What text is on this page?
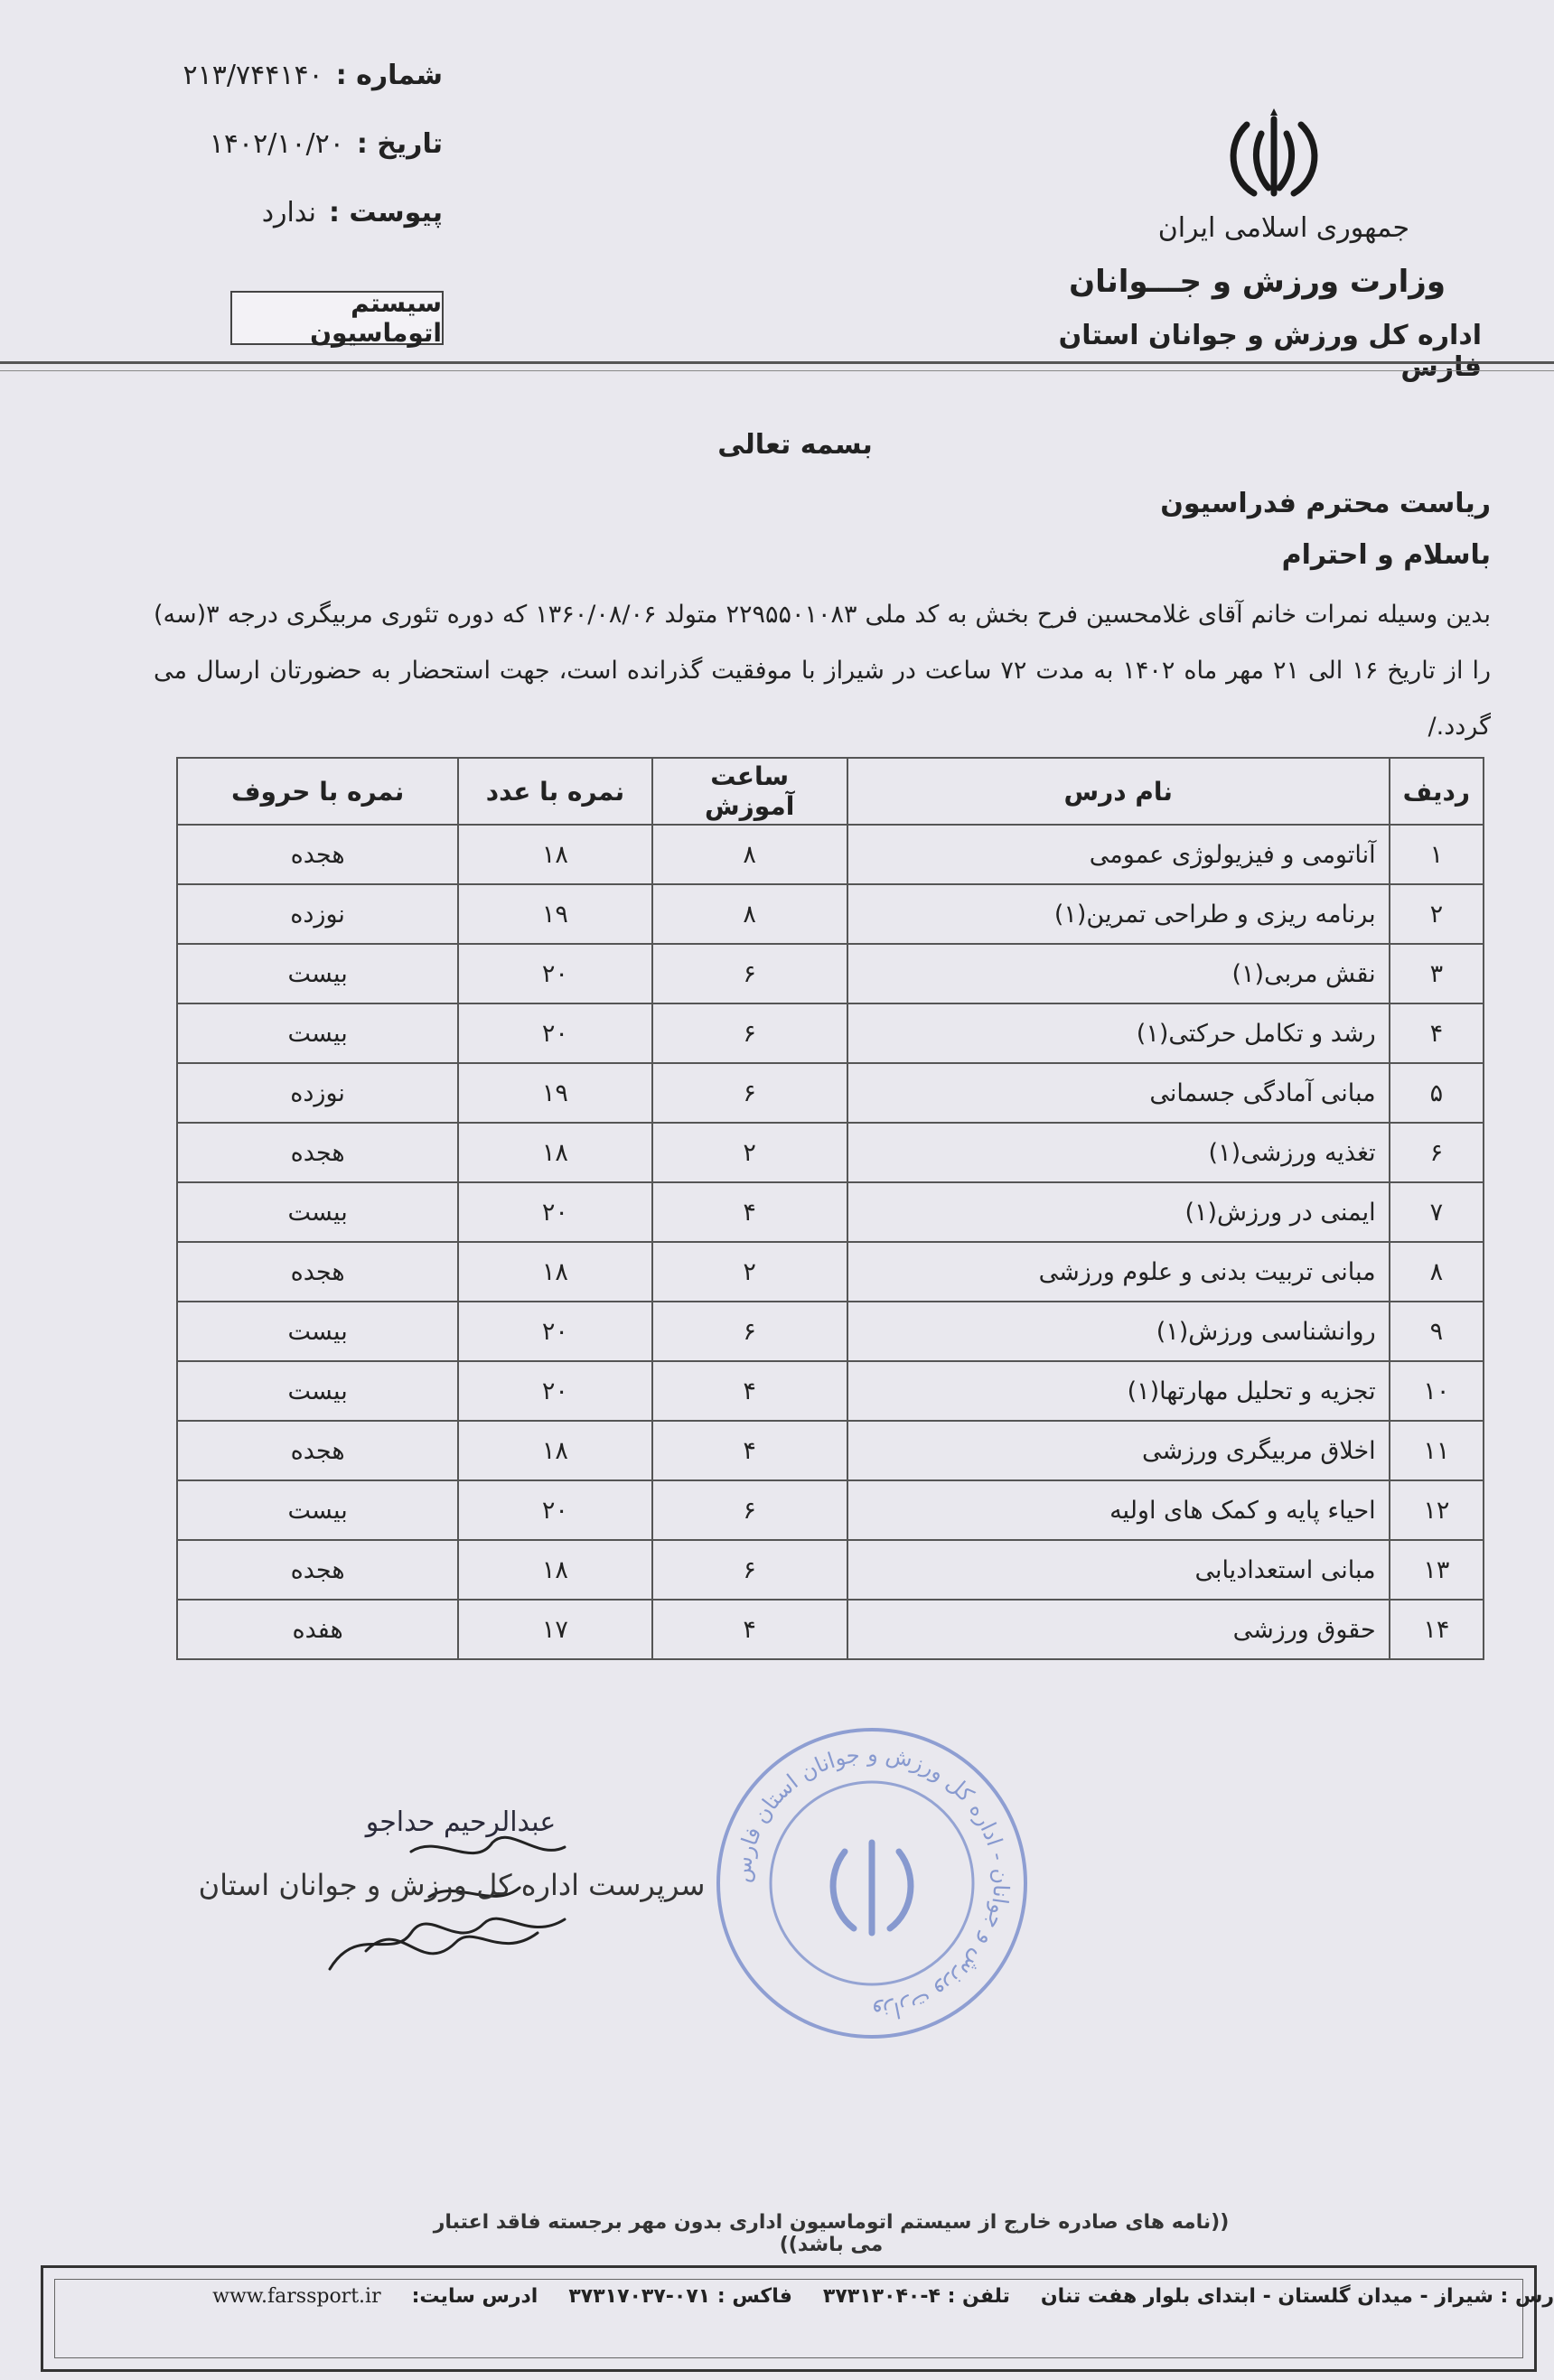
شماره :
۲۱۳/۷۴۴۱۴۰
تاریخ :
۱۴۰۲/۱۰/۲۰
پیوست :
ندارد
سیستم اتوماسیون
جمهوری اسلامی ایران
وزارت ورزش و جـــوانان
اداره کل ورزش و جوانان استان فارس
بسمه تعالی
ریاست محترم فدراسیون
باسلام و احترام
بدین وسیله نمرات خانم آقای غلامحسین فرح بخش به کد ملی ۲۲۹۵۵۰۱۰۸۳ متولد ۱۳۶۰/۰۸/۰۶ که دوره تئوری مربیگری درجه ۳(سه) را از تاریخ ۱۶ الی ۲۱ مهر ماه ۱۴۰۲ به مدت ۷۲ ساعت در شیراز با موفقیت گذرانده است، جهت استحضار به حضورتان ارسال می گردد./
ردیف	نام درس	ساعت آموزش	نمره با عدد	نمره با حروف
۱	آناتومی و فیزیولوژی عمومی	۸	۱۸	هجده
۲	برنامه ریزی و طراحی تمرین(۱)	۸	۱۹	نوزده
۳	نقش مربی(۱)	۶	۲۰	بیست
۴	رشد و تکامل حرکتی(۱)	۶	۲۰	بیست
۵	مبانی آمادگی جسمانی	۶	۱۹	نوزده
۶	تغذیه ورزشی(۱)	۲	۱۸	هجده
۷	ایمنی در ورزش(۱)	۴	۲۰	بیست
۸	مبانی تربیت بدنی و علوم ورزشی	۲	۱۸	هجده
۹	روانشناسی ورزش(۱)	۶	۲۰	بیست
۱۰	تجزیه و تحلیل مهارتها(۱)	۴	۲۰	بیست
۱۱	اخلاق مربیگری ورزشی	۴	۱۸	هجده
۱۲	احیاء پایه و کمک های اولیه	۶	۲۰	بیست
۱۳	مبانی استعدادیابی	۶	۱۸	هجده
۱۴	حقوق ورزشی	۴	۱۷	هفده
عبدالرحیم حداجو
سرپرست اداره کل ورزش و جوانان استان	وزارت ورزش و جوانان - اداره کل ورزش و جوانان استان فارس
((نامه های صادره خارج از سیستم اتوماسیون اداری بدون مهر برجسته فاقد اعتبار می باشد))
رس : شیراز - میدان گلستان - ابتدای بلوار هفت تنان
تلفن : ۴-۳۷۳۱۳۰۴۰
فاکس : ۰۷۱-۳۷۳۱۷۰۳۷
ادرس سایت:
www.farssport.ir
